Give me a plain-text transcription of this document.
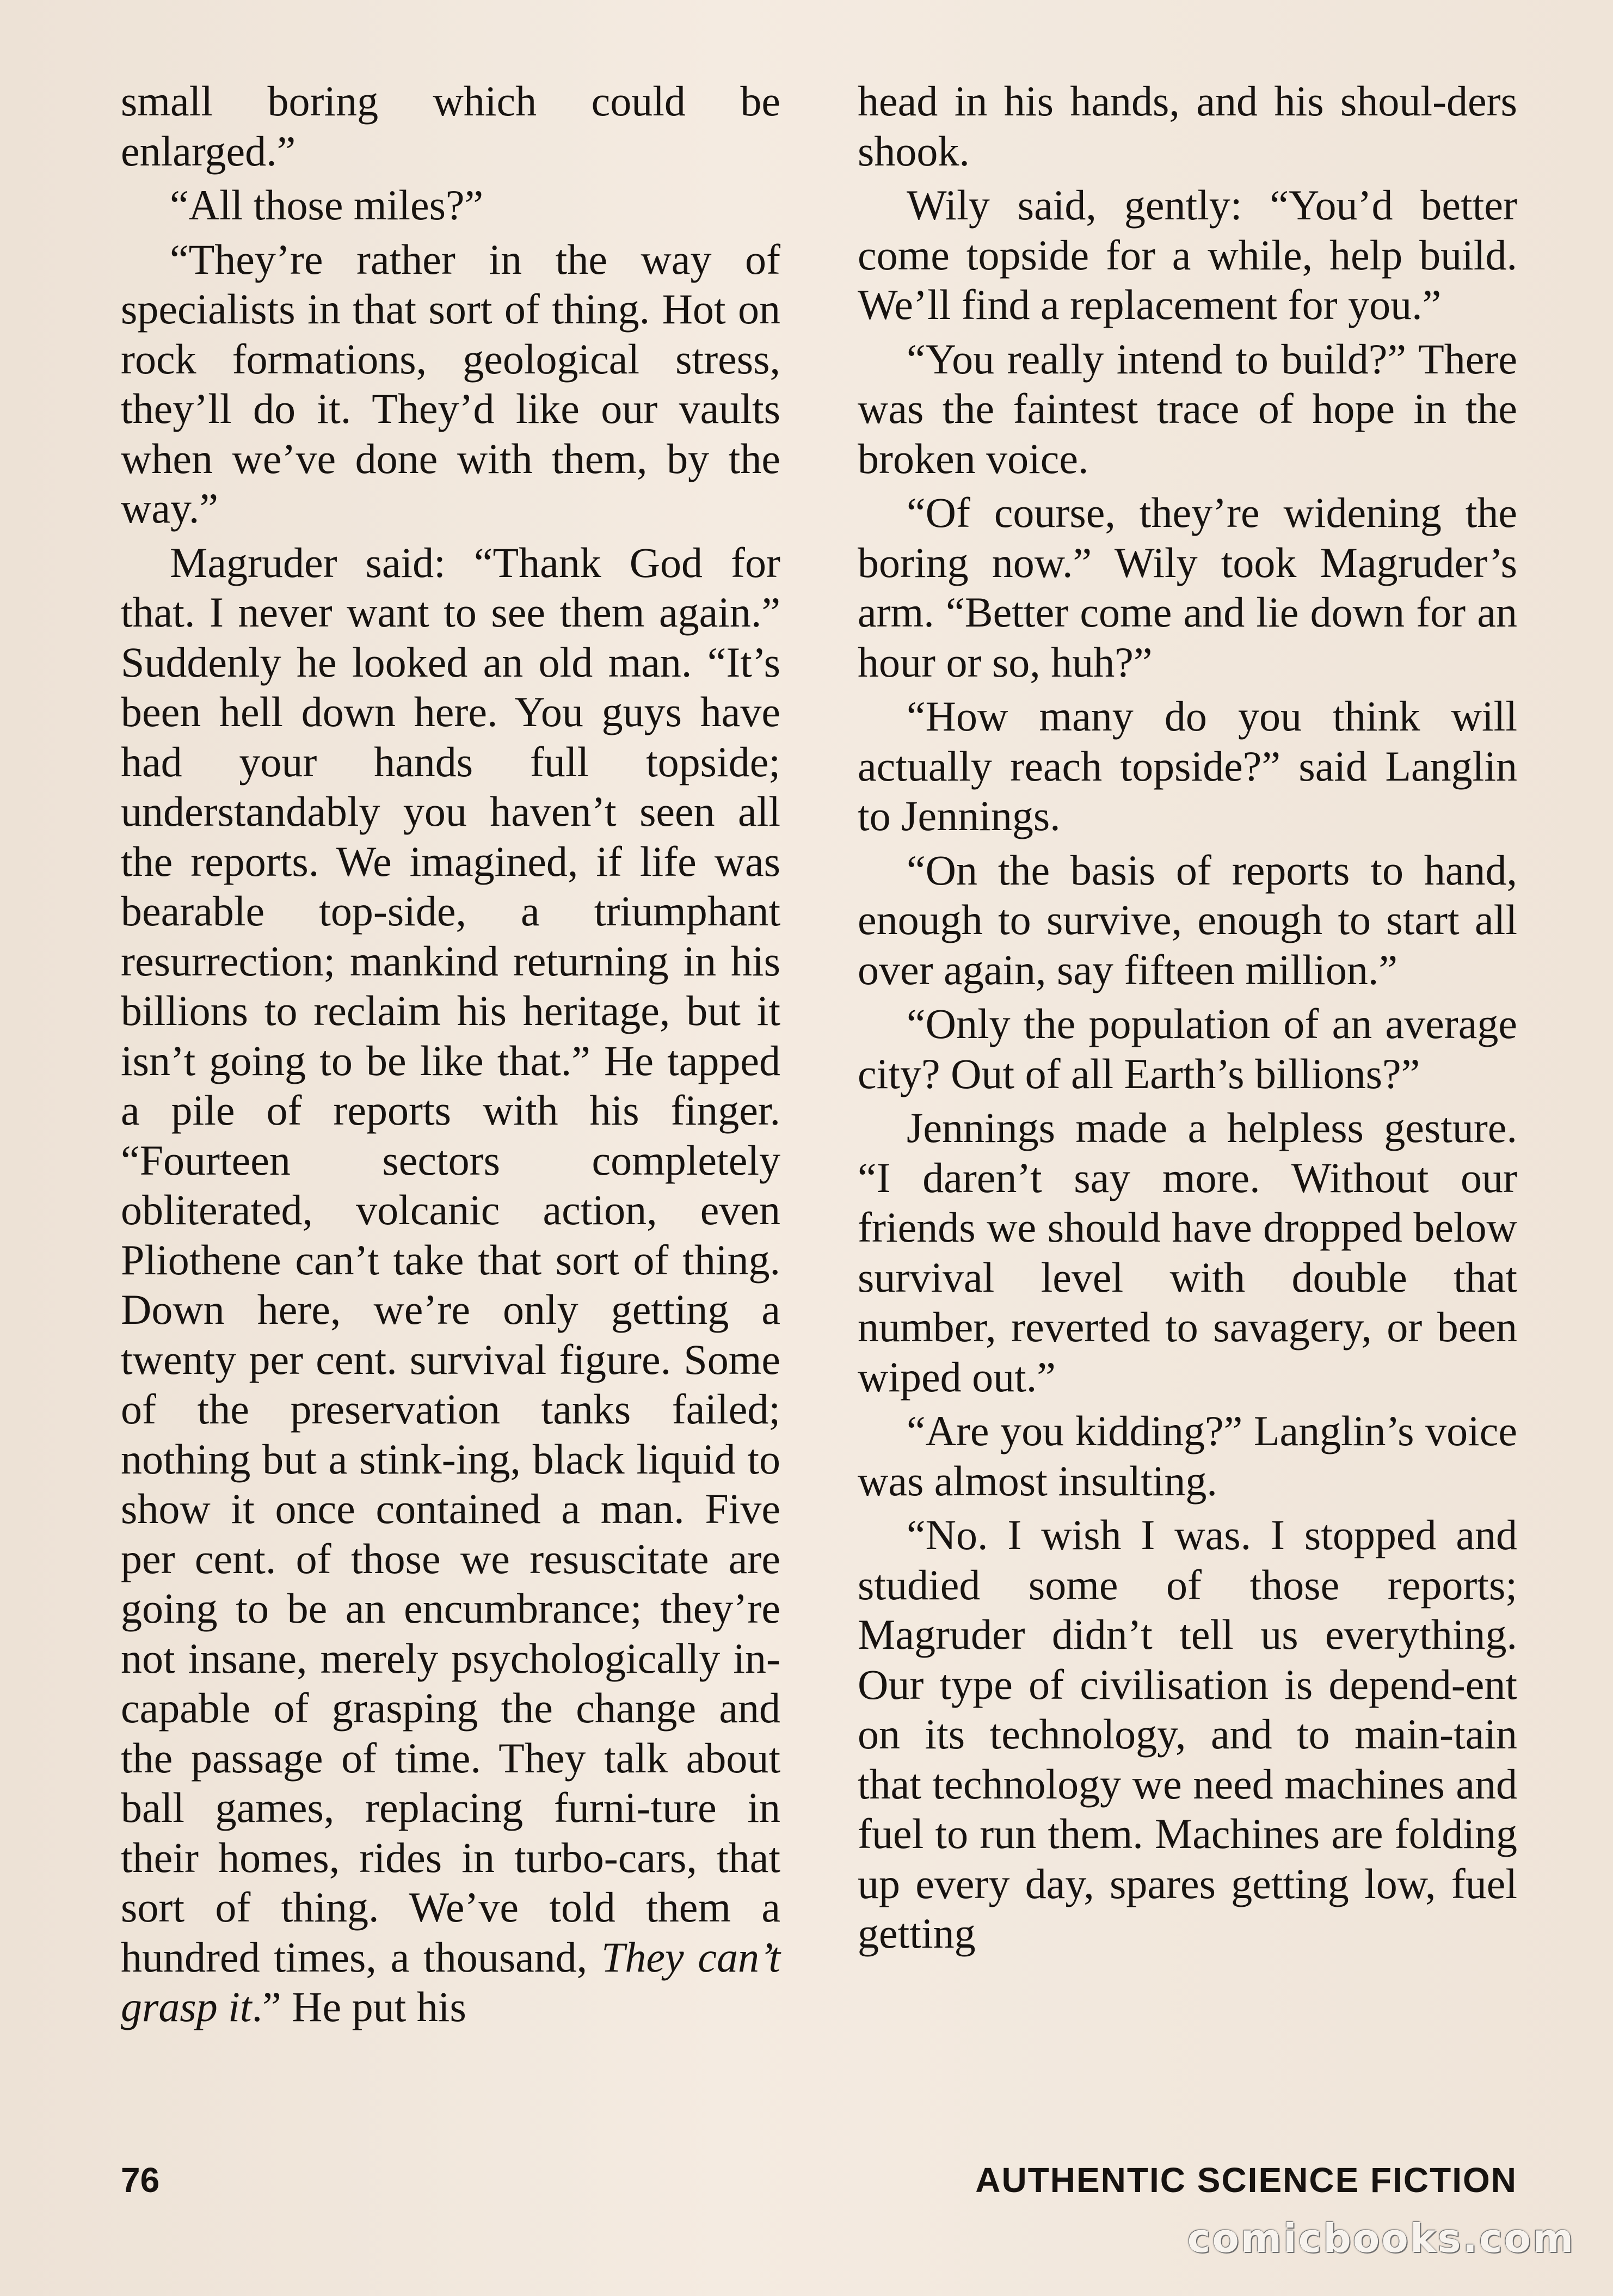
small boring which could be enlarged.”

“All those miles?”

“They’re rather in the way of specialists in that sort of thing. Hot on rock formations, geological stress, they’ll do it. They’d like our vaults when we’ve done with them, by the way.”

Magruder said: “Thank God for that. I never want to see them again.” Suddenly he looked an old man. “It’s been hell down here. You guys have had your hands full topside; understandably you haven’t seen all the reports. We imagined, if life was bearable top-side, a triumphant resurrection; mankind returning in his billions to reclaim his heritage, but it isn’t going to be like that.” He tapped a pile of reports with his finger. “Fourteen sectors completely obliterated, volcanic action, even Pliothene can’t take that sort of thing. Down here, we’re only getting a twenty per cent. survival figure. Some of the preservation tanks failed; nothing but a stink-ing, black liquid to show it once contained a man. Five per cent. of those we resuscitate are going to be an encumbrance; they’re not insane, merely psychologically in-capable of grasping the change and the passage of time. They talk about ball games, replacing furni-ture in their homes, rides in turbo-cars, that sort of thing. We’ve told them a hundred times, a thousand, They can’t grasp it.” He put his

head in his hands, and his shoul-ders shook.

Wily said, gently: “You’d better come topside for a while, help build. We’ll find a replacement for you.”

“You really intend to build?” There was the faintest trace of hope in the broken voice.

“Of course, they’re widening the boring now.” Wily took Magruder’s arm. “Better come and lie down for an hour or so, huh?”

“How many do you think will actually reach topside?” said Langlin to Jennings.

“On the basis of reports to hand, enough to survive, enough to start all over again, say fifteen million.”

“Only the population of an average city? Out of all Earth’s billions?”

Jennings made a helpless gesture. “I daren’t say more. Without our friends we should have dropped below survival level with double that number, reverted to savagery, or been wiped out.”

“Are you kidding?” Langlin’s voice was almost insulting.

“No. I wish I was. I stopped and studied some of those reports; Magruder didn’t tell us everything. Our type of civilisation is depend-ent on its technology, and to main-tain that technology we need machines and fuel to run them. Machines are folding up every day, spares getting low, fuel getting

76	AUTHENTIC SCIENCE FICTION
comicbooks.com
